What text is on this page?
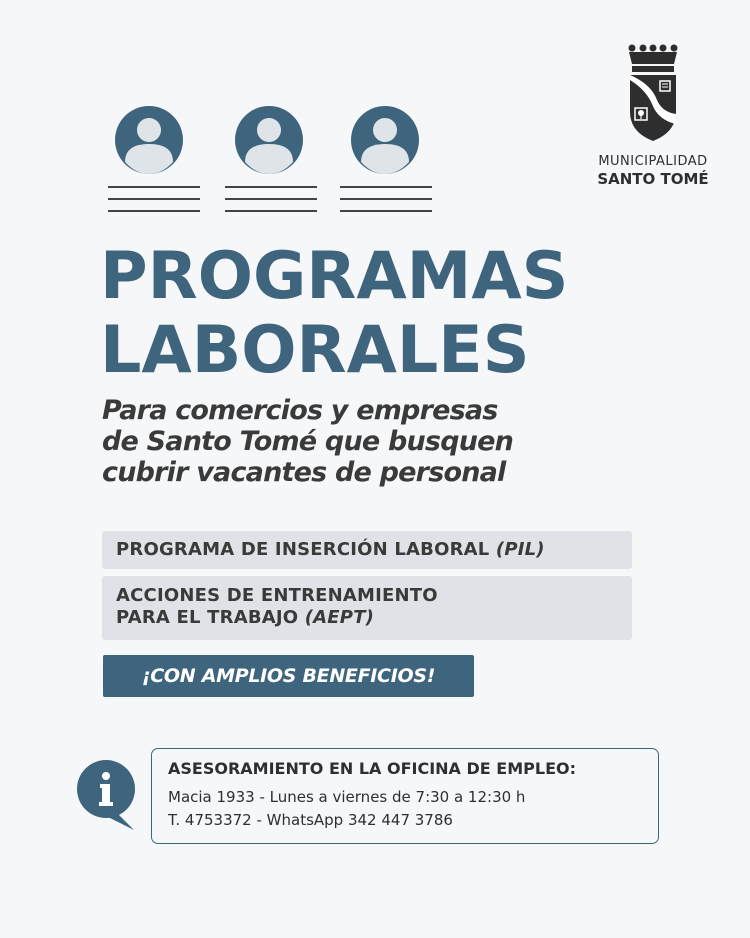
MUNICIPALIDAD
SANTO TOMÉ
PROGRAMAS
LABORALES
Para comercios y empresas
de Santo Tomé que busquen
cubrir vacantes de personal
PROGRAMA DE INSERCIÓN LABORAL (PIL)
ACCIONES DE ENTRENAMIENTO
PARA EL TRABAJO (AEPT)
¡CON AMPLIOS BENEFICIOS!
ASESORAMIENTO EN LA OFICINA DE EMPLEO:
Macia 1933 - Lunes a viernes de 7:30 a 12:30 h
T. 4753372 - WhatsApp 342 447 3786
